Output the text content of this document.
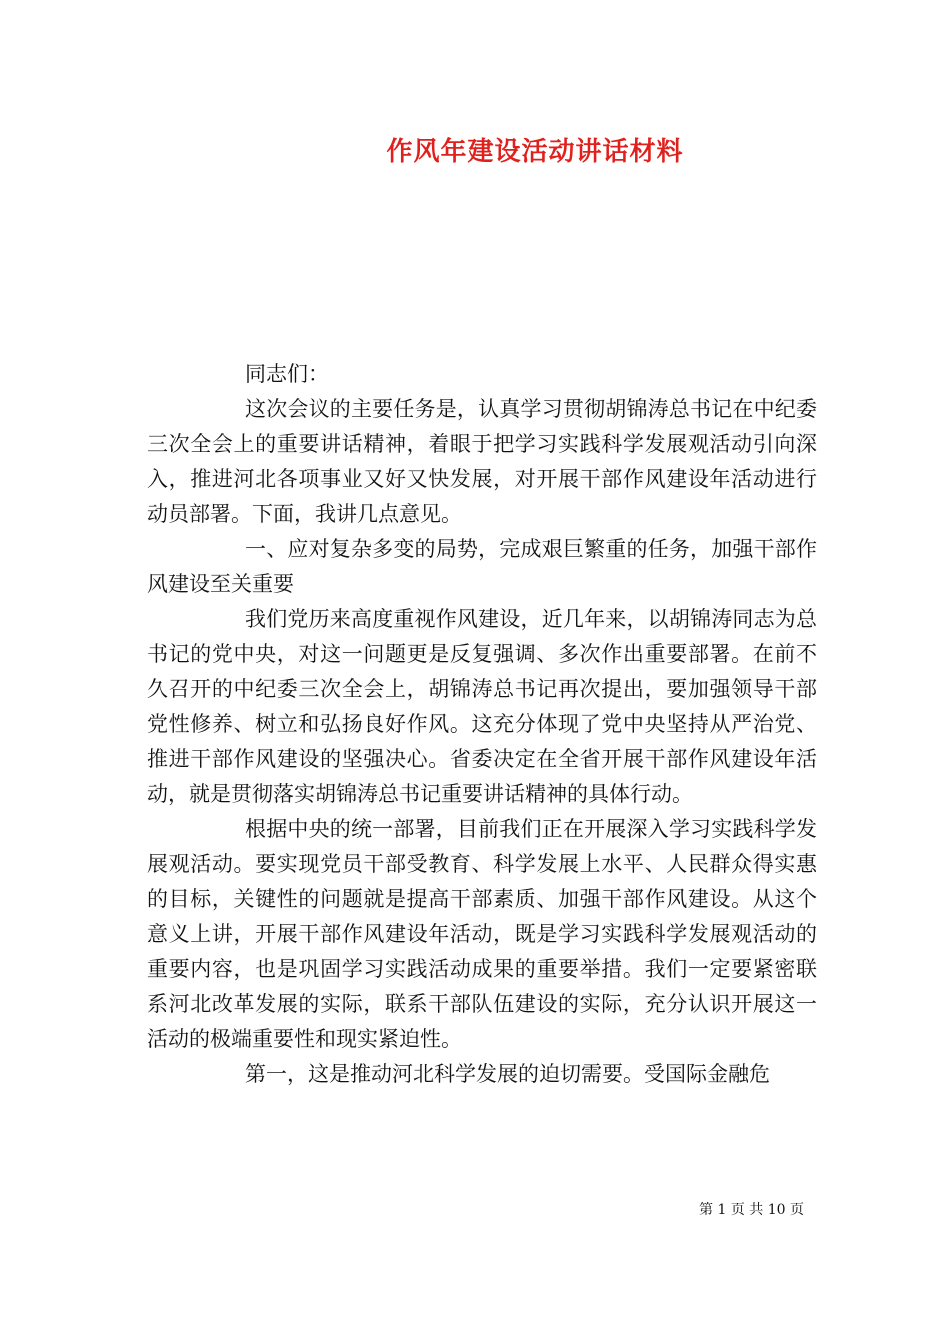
作风年建设活动讲话材料

同志们：

这次会议的主要任务是，认真学习贯彻胡锦涛总书记在中纪委三次全会上的重要讲话精神，着眼于把学习实践科学发展观活动引向深入，推进河北各项事业又好又快发展，对开展干部作风建设年活动进行动员部署。下面，我讲几点意见。

一、应对复杂多变的局势，完成艰巨繁重的任务，加强干部作风建设至关重要

我们党历来高度重视作风建设，近几年来，以胡锦涛同志为总书记的党中央，对这一问题更是反复强调、多次作出重要部署。在前不久召开的中纪委三次全会上，胡锦涛总书记再次提出，要加强领导干部党性修养、树立和弘扬良好作风。这充分体现了党中央坚持从严治党、推进干部作风建设的坚强决心。省委决定在全省开展干部作风建设年活动，就是贯彻落实胡锦涛总书记重要讲话精神的具体行动。

根据中央的统一部署，目前我们正在开展深入学习实践科学发展观活动。要实现党员干部受教育、科学发展上水平、人民群众得实惠的目标，关键性的问题就是提高干部素质、加强干部作风建设。从这个意义上讲，开展干部作风建设年活动，既是学习实践科学发展观活动的重要内容，也是巩固学习实践活动成果的重要举措。我们一定要紧密联系河北改革发展的实际，联系干部队伍建设的实际，充分认识开展这一活动的极端重要性和现实紧迫性。

第一，这是推动河北科学发展的迫切需要。受国际金融危

第 1 页 共 10 页
